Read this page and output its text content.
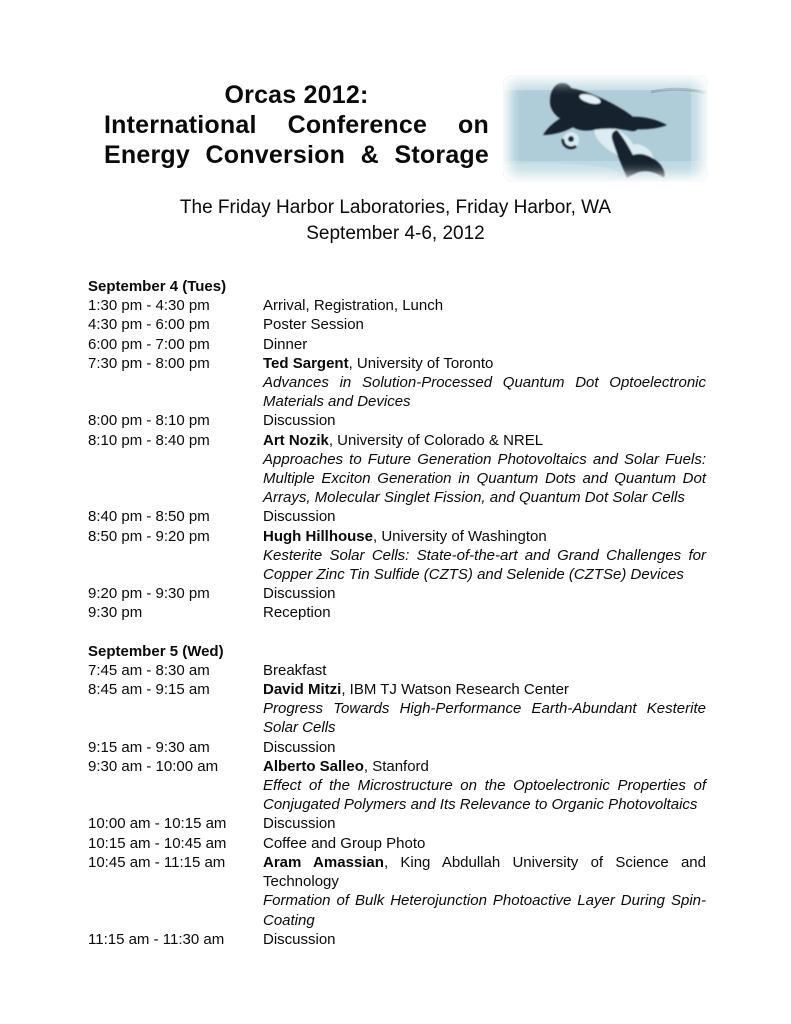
Orcas 2012:
International Conference on
Energy Conversion & Storage
The Friday Harbor Laboratories, Friday Harbor, WA
September 4-6, 2012
September 4 (Tues)
1:30 pm - 4:30 pm	Arrival, Registration, Lunch
4:30 pm - 6:00 pm	Poster Session
6:00 pm - 7:00 pm	Dinner
7:30 pm - 8:00 pm	Ted Sargent, University of Toronto
Advances in Solution-Processed Quantum Dot Optoelectronic Materials and Devices
8:00 pm - 8:10 pm	Discussion
8:10 pm - 8:40 pm	Art Nozik, University of Colorado & NREL
Approaches to Future Generation Photovoltaics and Solar Fuels: Multiple Exciton Generation in Quantum Dots and Quantum Dot Arrays, Molecular Singlet Fission, and Quantum Dot Solar Cells
8:40 pm - 8:50 pm	Discussion
8:50 pm - 9:20 pm	Hugh Hillhouse, University of Washington
Kesterite Solar Cells: State-of-the-art and Grand Challenges for Copper Zinc Tin Sulfide (CZTS) and Selenide (CZTSe) Devices
9:20 pm - 9:30 pm	Discussion
9:30 pm	Reception
September 5 (Wed)
7:45 am - 8:30 am	Breakfast
8:45 am - 9:15 am	David Mitzi, IBM TJ Watson Research Center
Progress Towards High-Performance Earth-Abundant Kesterite Solar Cells
9:15 am - 9:30 am	Discussion
9:30 am - 10:00 am	Alberto Salleo, Stanford
Effect of the Microstructure on the Optoelectronic Properties of Conjugated Polymers and Its Relevance to Organic Photovoltaics
10:00 am - 10:15 am	Discussion
10:15 am - 10:45 am	Coffee and Group Photo
10:45 am - 11:15 am	Aram Amassian, King Abdullah University of Science and Technology
Formation of Bulk Heterojunction Photoactive Layer During Spin-Coating
11:15 am - 11:30 am	Discussion
